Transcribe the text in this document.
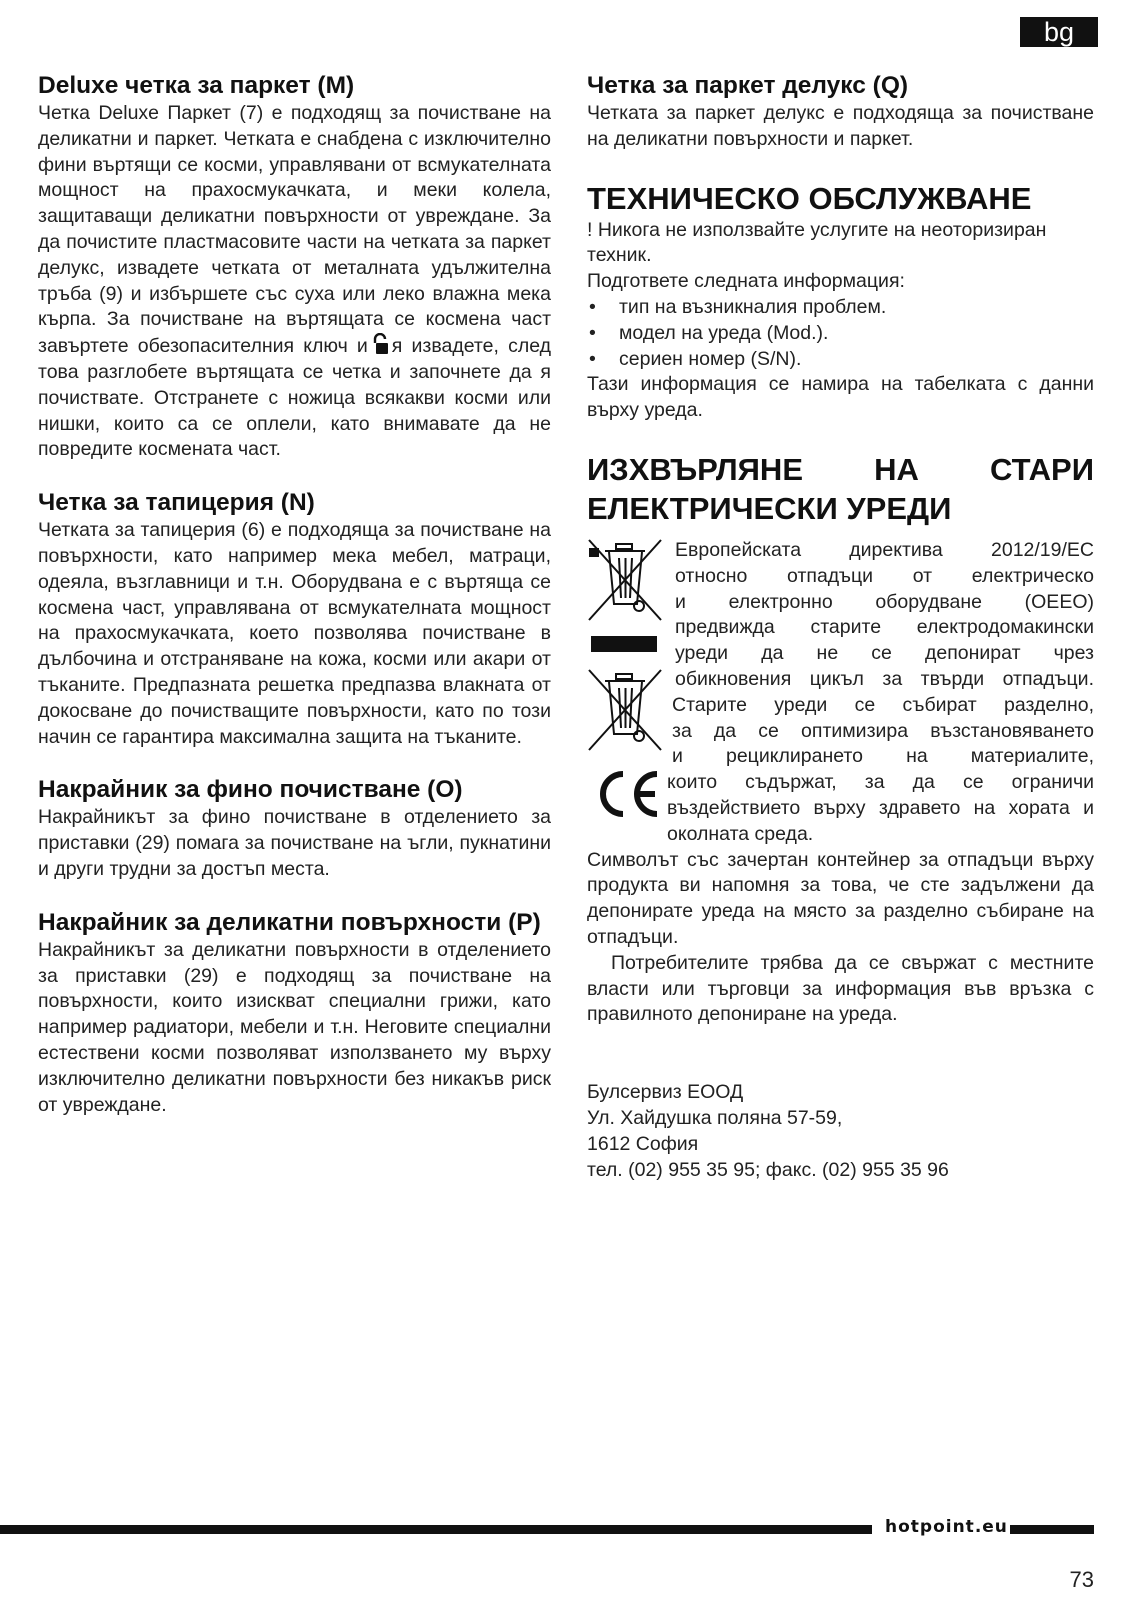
bg
Deluxe четка за паркет (M)

Четка Deluxe Паркет (7) е подходящ за почистване на деликатни и паркет. Четката е снабдена с изключително фини въртящи се косми, управлявани от всмукателната мощност на прахосмукачката, и меки колела, защитаващи деликатни повърхности от увреждане. За да почистите пластмасовите части на четката за паркет делукс, извадете четката от металната удължителна тръба (9) и избършете със суха или леко влажна мека кърпа. За почистване на въртящата се космена част завъртете обезопасителния ключ и я извадете, след това разглобете въртящата се четка и започнете да я почиствате. Отстранете с ножица всякакви косми или нишки, които са се оплели, като внимавате да не повредите космената част.

Четка за тапицерия (N)

Четката за тапицерия (6) е подходяща за почистване на повърхности, като например мека мебел, матраци, одеяла, възглавници и т.н. Оборудвана е с въртяща се космена част, управлявана от всмукателната мощност на прахосмукачката, което позволява почистване в дълбочина и отстраняване на кожа, косми или акари от тъканите. Предпазната решетка предпазва влакната от докосване до почистващите повърхности, като по този начин се гарантира максимална защита на тъканите.

Накрайник за фино почистване (O)

Накрайникът за фино почистване в отделението за приставки (29) помага за почистване на ъгли, пукнатини и други трудни за достъп места.

Накрайник за деликатни повърхности (P)

Накрайникът за деликатни повърхности в отделението за приставки (29) е подходящ за почистване на повърхности, които изискват специални грижи, като например радиатори, мебели и т.н. Неговите специални естествени косми позволяват използването му върху изключително деликатни повърхности без никакъв риск от увреждане.

Четка за паркет делукс (Q)

Четката за паркет делукс е подходяща за почистване на деликатни повърхности и паркет.

ТЕХНИЧЕСКО ОБСЛУЖВАНЕ

! Никога не използвайте услугите на неоторизиран техник.

Подгответе следната информация:

• тип на възникналия проблем.
• модел на уреда (Mod.).
• сериен номер (S/N).

Тази информация се намира на табелката с данни върху уреда.

ИЗХВЪРЛЯНЕ НА СТАРИ
ЕЛЕКТРИЧЕСКИ УРЕДИ

Европейската директива 2012/19/ЕС

относно отпадъци от електрическо

и електронно оборудване (ОЕЕО)

предвижда старите електродомакински

уреди да не се депонират чрез

обикновения цикъл за твърди отпадъци.

Старите уреди се събират разделно,

за да се оптимизира възстановяването

и рециклирането на материалите,

които съдържат, за да се ограничи

въздействието върху здравето на хората и

околната среда.

Символът със зачертан контейнер за отпадъци върху продукта ви напомня за това, че сте задължени да депонирате уреда на място за разделно събиране на отпадъци.

Потребителите трябва да се свържат с местните власти или търговци за информация във връзка с правилното депониране на уреда.

Булсервиз ЕООД

Ул. Хайдушка поляна 57-59,

1612 София

тел. (02) 955 35 95; факс. (02) 955 35 96

hotpoint.eu
73
